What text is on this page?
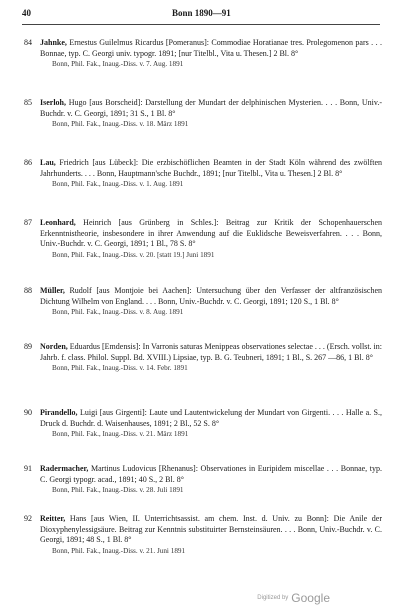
40	Bonn 1890—91
84 Jahnke, Ernestus Guilelmus Ricardus [Pomeranus]: Commodiae Horatianae tres. Prolegomenon pars . . . Bonnae, typ. C. Georgi univ. typogr. 1891; [nur Titelbl., Vita u. Thesen.] 2 Bl. 8°
Bonn, Phil. Fak., Inaug.-Diss. v. 7. Aug. 1891
85 Iserloh, Hugo [aus Borscheid]: Darstellung der Mundart der delphinischen Mysterien. . . . Bonn, Univ.-Buchdr. v. C. Georgi, 1891; 31 S., 1 Bl. 8°
Bonn, Phil. Fak., Inaug.-Diss. v. 18. März 1891
86 Lau, Friedrich [aus Lübeck]: Die erzbischöflichen Beamten in der Stadt Köln während des zwölften Jahrhunderts. . . . Bonn, Hauptmann'sche Buchdr., 1891; [nur Titelbl., Vita u. Thesen.] 2 Bl. 8°
Bonn, Phil. Fak., Inaug.-Diss. v. 1. Aug. 1891
87 Leonhard, Heinrich [aus Grünberg in Schles.]: Beitrag zur Kritik der Schopenhauerschen Erkenntnistheorie, insbesondere in ihrer Anwendung auf die Euklidsche Beweisverfahren. . . . Bonn, Univ.-Buchdr. v. C. Georgi, 1891; 1 Bl., 78 S. 8°
Bonn, Phil. Fak., Inaug.-Diss. v. 20. [statt 19.] Juni 1891
88 Müller, Rudolf [aus Montjoie bei Aachen]: Untersuchung über den Verfasser der altfranzösischen Dichtung Wilhelm von England. . . . Bonn, Univ.-Buchdr. v. C. Georgi, 1891; 120 S., 1 Bl. 8°
Bonn, Phil. Fak., Inaug.-Diss. v. 8. Aug. 1891
89 Norden, Eduardus [Emdensis]: In Varronis saturas Menippeas observationes selectae . . . (Ersch. vollst. in: Jahrb. f. class. Philol. Suppl. Bd. XVIII.) Lipsiae, typ. B. G. Teubneri, 1891; 1 Bl., S. 267 —86, 1 Bl. 8°
Bonn, Phil. Fak., Inaug.-Diss. v. 14. Febr. 1891
90 Pirandello, Luigi [aus Girgenti]: Laute und Lautentwickelung der Mundart von Girgenti. . . . Halle a. S., Druck d. Buchdr. d. Waisenhauses, 1891; 2 Bl., 52 S. 8°
Bonn, Phil. Fak., Inaug.-Diss. v. 21. März 1891
91 Radermacher, Martinus Ludovicus [Rhenanus]: Observationes in Euripidem miscellae . . . Bonnae, typ. C. Georgi typogr. acad., 1891; 40 S., 2 Bl. 8°
Bonn, Phil. Fak., Inaug.-Diss. v. 28. Juli 1891
92 Reitter, Hans [aus Wien, II. Unterrichtsassist. am chem. Inst. d. Univ. zu Bonn]: Die Anile der Dioxyphenylessigsäure. Beitrag zur Kenntnis substituirter Bernsteinsäuren. . . . Bonn, Univ.-Buchdr. v. C. Georgi, 1891; 48 S., 1 Bl. 8°
Bonn, Phil. Fak., Inaug.-Diss. v. 21. Juni 1891
Digitized by Google
